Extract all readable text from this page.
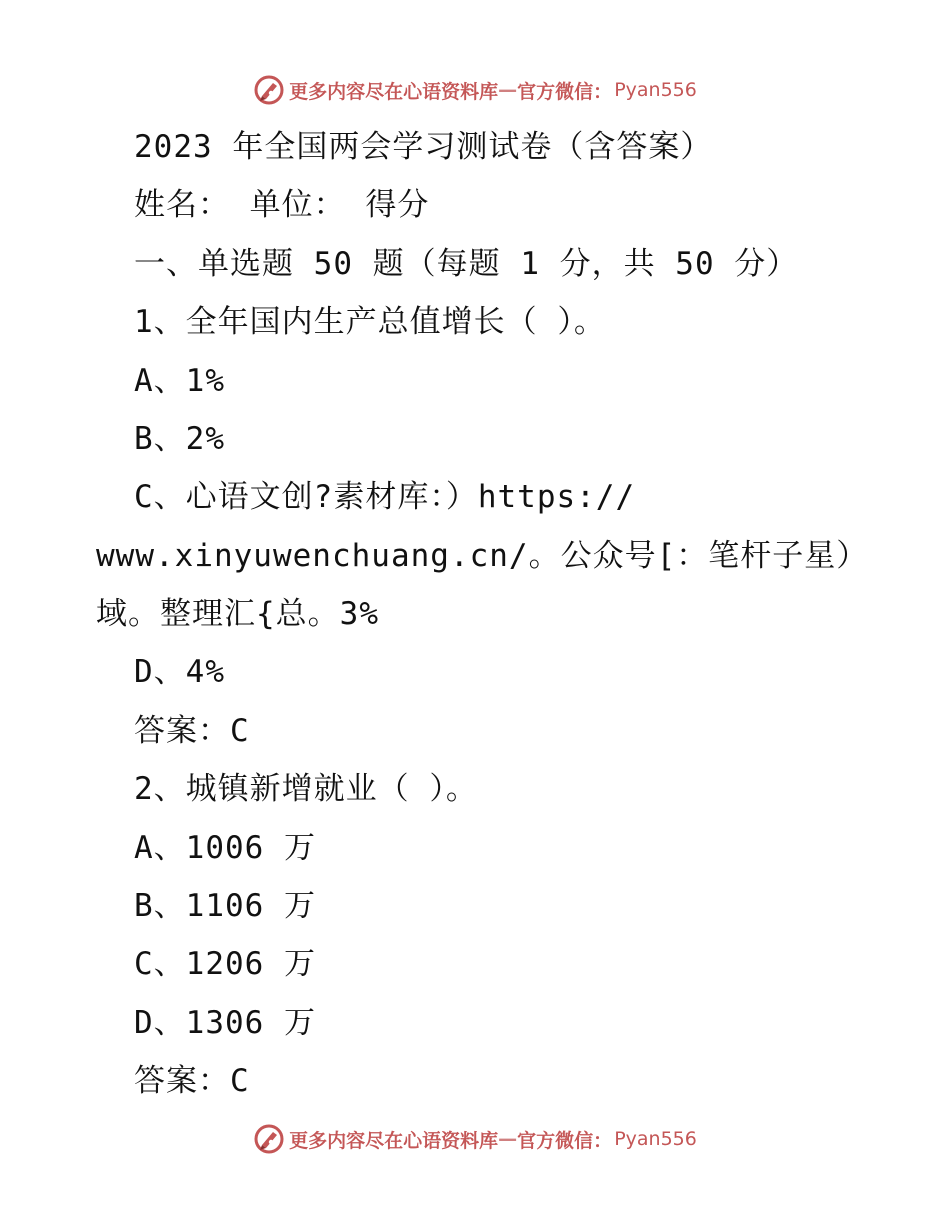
更多内容尽在心语资料库 — 官方微信： Pyan556
2023 年全国两会学习测试卷（含答案）
姓名： 单位： 得分
一、单选题 50 题（每题 1 分，共 50 分）
1、全年国内生产总值增长（ ）。
A、1%
B、2%
C、心语文创?素材库：）https://
www.xinyuwenchuang.cn/。公众号[：笔杆子星）
域。整理汇{总。3%
D、4%
答案：C
2、城镇新增就业（ ）。
A、1006 万
B、1106 万
C、1206 万
D、1306 万
答案：C
更多内容尽在心语资料库 — 官方微信： Pyan556
